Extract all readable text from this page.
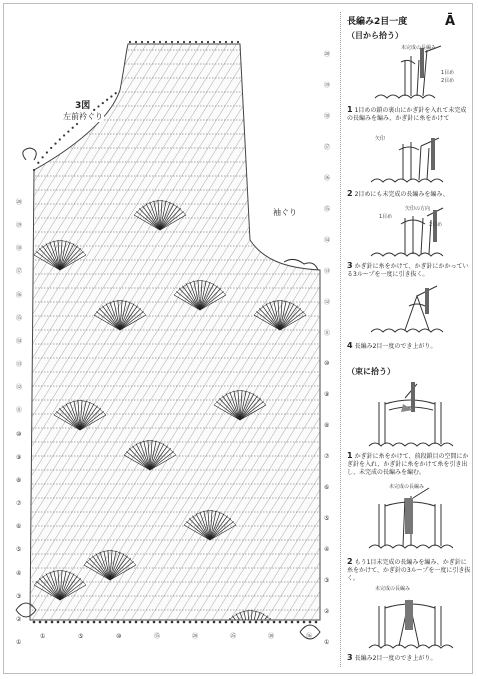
3図
左前衿ぐり
袖ぐり
⑳
⑲
⑱
⑰
⑯
⑮
⑭
⑬
⑫
⑪
⑩
⑨
⑧
⑦
⑥
⑤
④
③
②
①
⑳
⑲
⑱
⑰
⑯
⑮
⑭
⑬
⑫
⑪
⑩
⑨
⑧
⑦
⑥
⑤
④
③
②
①
①	⑤	⑩	⑮	⑳	㉕	㉚	⑯
長編み2目一度	Ā
（目から拾う）
未完成の長編み
1目め
2目め
1 1目めの鎖の裏山にかぎ針を入れて未完成の長編みを編み、かぎ針に糸をかけて
矢印
2 2目めにも未完成の長編みを編み、
矢印の方向
1目め
2目め
3 かぎ針に糸をかけて、かぎ針にかかっている3ループを一度に引き抜く。
4 長編み2目一度のでき上がり。
（束に拾う）
1 かぎ針に糸をかけて、前段鎖目の空間にかぎ針を入れ、かぎ針に糸をかけて糸を引き出し、未完成の長編みを編む。
未完成の長編み
2 もう1目未完成の長編みを編み、かぎ針に糸をかけて、かぎ針の3ループを一度に引き抜く。
未完成の長編み
3 長編み2目一度のでき上がり。
